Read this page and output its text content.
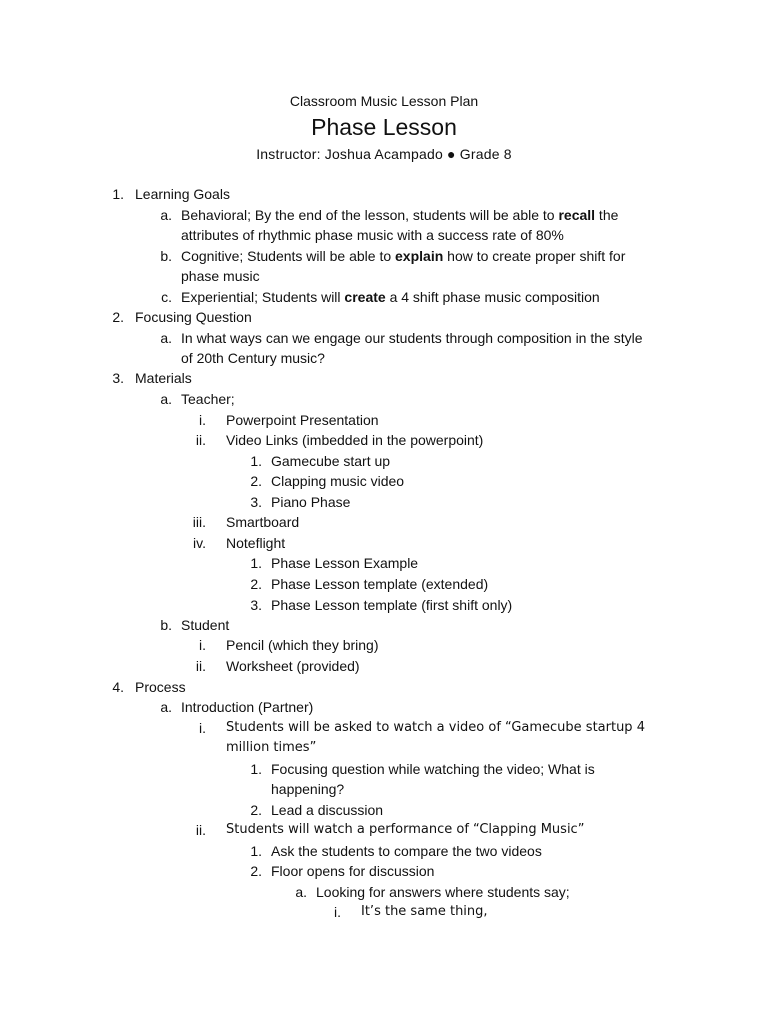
Classroom Music Lesson Plan
Phase Lesson
Instructor: Joshua Acampado ● Grade 8
1. Learning Goals
a. Behavioral; By the end of the lesson, students will be able to recall the
attributes of rhythmic phase music with a success rate of 80%
b. Cognitive; Students will be able to explain how to create proper shift for
phase music
c. Experiential; Students will create a 4 shift phase music composition
2. Focusing Question
a. In what ways can we engage our students through composition in the style
of 20th Century music?
3. Materials
a. Teacher;
i. Powerpoint Presentation
ii. Video Links (imbedded in the powerpoint)
1. Gamecube start up
2. Clapping music video
3. Piano Phase
iii. Smartboard
iv. Noteflight
1. Phase Lesson Example
2. Phase Lesson template (extended)
3. Phase Lesson template (first shift only)
b. Student
i. Pencil (which they bring)
ii. Worksheet (provided)
4. Process
a. Introduction (Partner)
i. Students will be asked to watch a video of “Gamecube startup 4
million times”
1. Focusing question while watching the video; What is
happening?
2. Lead a discussion
ii. Students will watch a performance of “Clapping Music”
1. Ask the students to compare the two videos
2. Floor opens for discussion
a. Looking for answers where students say;
i. It’s the same thing,
